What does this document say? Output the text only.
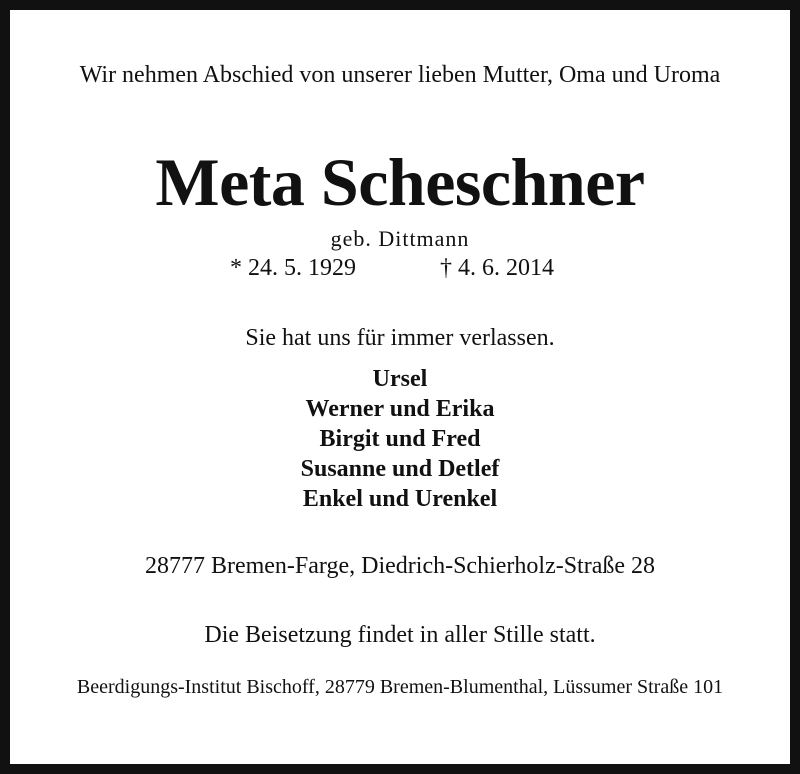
Wir nehmen Abschied von unserer lieben Mutter, Oma und Uroma
Meta Scheschner
geb. Dittmann
* 24. 5. 1929	† 4. 6. 2014
Sie hat uns für immer verlassen.
Ursel
Werner und Erika
Birgit und Fred
Susanne und Detlef
Enkel und Urenkel
28777 Bremen-Farge, Diedrich-Schierholz-Straße 28
Die Beisetzung findet in aller Stille statt.
Beerdigungs-Institut Bischoff, 28779 Bremen-Blumenthal, Lüssumer Straße 101
